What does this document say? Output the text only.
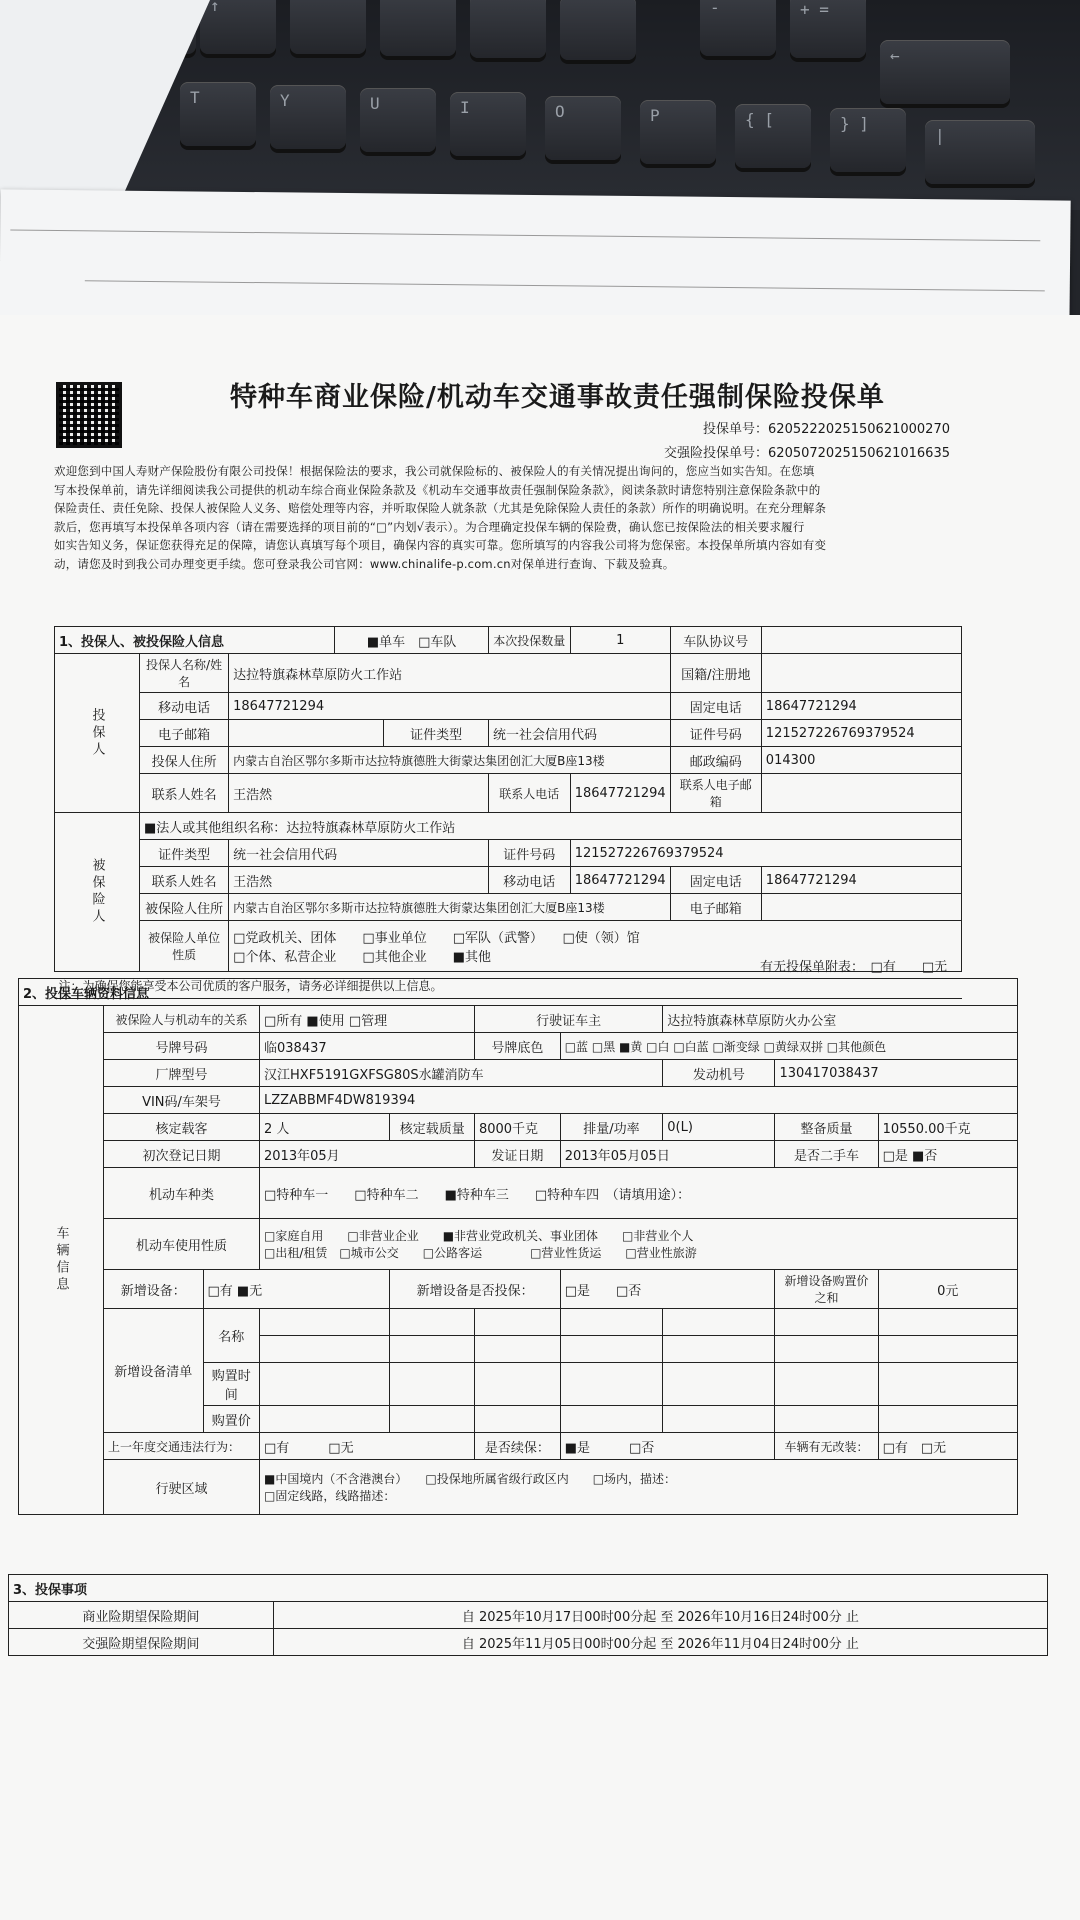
↑
T	Y	U	I	O	P	{ [	} ]
←
|
-	+ =
特种车商业保险/机动车交通事故责任强制保险投保单
投保单号：6205222025150621000270
交强险投保单号：6205072025150621016635
欢迎您到中国人寿财产保险股份有限公司投保！根据保险法的要求，我公司就保险标的、被保险人的有关情况提出询问的，您应当如实告知。在您填
写本投保单前，请先详细阅读我公司提供的机动车综合商业保险条款及《机动车交通事故责任强制保险条款》，阅读条款时请您特别注意保险条款中的
保险责任、责任免除、投保人被保险人义务、赔偿处理等内容，并听取保险人就条款（尤其是免除保险人责任的条款）所作的明确说明。在充分理解条
款后，您再填写本投保单各项内容（请在需要选择的项目前的“□”内划√表示）。为合理确定投保车辆的保险费，确认您已按保险法的相关要求履行
如实告知义务，保证您获得充足的保障，请您认真填写每个项目，确保内容的真实可靠。您所填写的内容我公司将为您保密。本投保单所填内容如有变
动，请您及时到我公司办理变更手续。您可登录我公司官网：www.chinalife-p.com.cn对保单进行查询、下载及验真。
1、投保人、被投保险人信息			■单车　 □车队		本次投保数量	1	车队协议号	
投保人	投保人名称/姓名	达拉特旗森林草原防火工作站					国籍/注册地	
	移动电话	18647721294					固定电话	18647721294
	电子邮箱			证件类型	统一社会信用代码		证件号码	121527226769379524
	投保人住所	内蒙古自治区鄂尔多斯市达拉特旗德胜大街蒙达集团创汇大厦B座13楼					邮政编码	014300
	联系人姓名	王浩然			联系人电话	18647721294	联系人电子邮箱	
被保险人	■法人或其他组织名称：达拉特旗森林草原防火工作站							
	证件类型	统一社会信用代码			证件号码	121527226769379524		
	联系人姓名	王浩然			移动电话	18647721294	固定电话	18647721294
	被保险人住所	内蒙古自治区鄂尔多斯市达拉特旗德胜大街蒙达集团创汇大厦B座13楼					电子邮箱	
	被保险人单位性质	□党政机关、团体　　□事业单位　　□军队（武警）　　□使（领）馆
□个体、私营企业　　□其他企业　　■其他						

注：为确保您能享受本公司优质的客户服务，请务必详细提供以上信息。								
有无投保单附表：　 □有　　 □无
2、投保车辆资料信息									
车辆信息	被保险人与机动车的关系		□所有 ■使用 □管理		行驶证车主		达拉特旗森林草原防火办公室		
	号牌号码		临038437		号牌底色	□蓝 □黑 ■黄 □白 □白蓝 □渐变绿 □黄绿双拼 □其他颜色			
	厂牌型号		汉江HXF5191GXFSG80S水罐消防车				发动机号	130417038437	
	VIN码/车架号		LZZABBMF4DW819394						
	核定载客		2 人	核定载质量	8000千克	排量/功率	0(L)	整备质量	10550.00千克
	初次登记日期		2013年05月		发证日期	2013年05月05日		是否二手车	□是 ■否
	机动车种类		□特种车一　　□特种车二　　■特种车三　　□特种车四　（请填用途）：						
	机动车使用性质		□家庭自用　　□非营业企业　　■非营业党政机关、事业团体　　□非营业个人
□出租/租赁　□城市公交　　□公路客运　　　　□营业性货运　　□营业性旅游						

	新增设备：	□有 ■无		新增设备是否投保：		□是　　□否		新增设备购置价之和	0元
	新增设备清单	名称							

		购置时间							
		购置价							
	上一年度交通违法行为：		□有　　　□无		是否续保：	■是　　　□否		车辆有无改装：	□有　□无
	行驶区域		■中国境内（不含港澳台）　　□投保地所属省级行政区内　　□场内，描述：
□固定线路，线路描述：						

3、投保事项	
商业险期望保险期间	自 2025年10月17日00时00分起 至 2026年10月16日24时00分 止
交强险期望保险期间	自 2025年11月05日00时00分起 至 2026年11月04日24时00分 止
